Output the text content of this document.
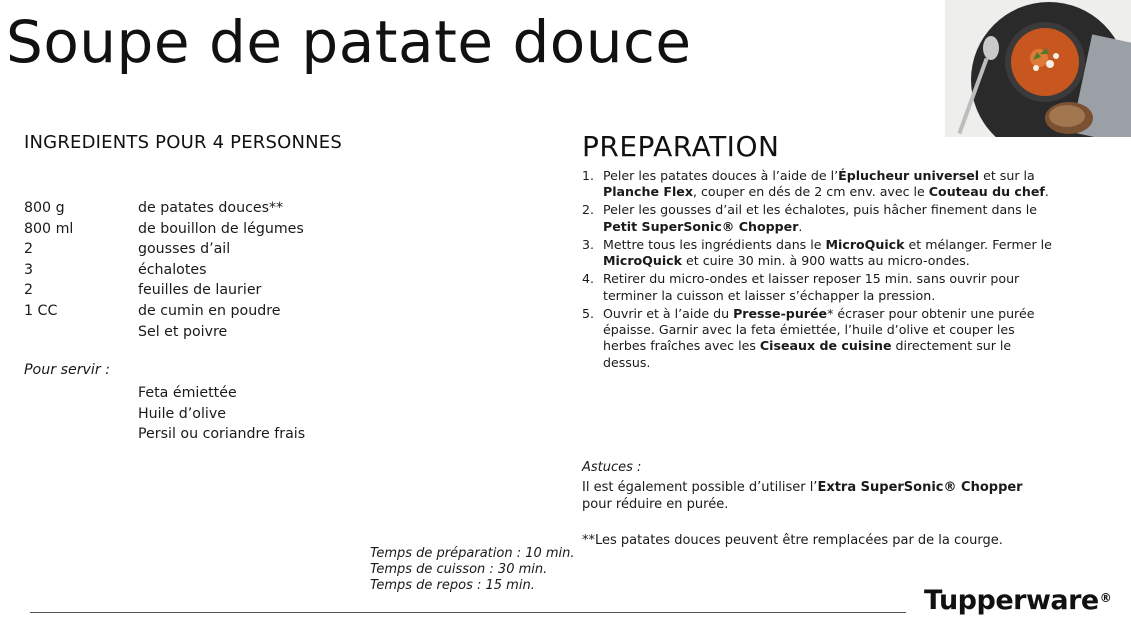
Soupe de patate douce
INGREDIENTS POUR 4 PERSONNES
800 g	de patates douces**
800 ml	de bouillon de légumes
2	gousses d’ail
3	échalotes
2	feuilles de laurier
1 CC	de cumin en poudre
Sel et poivre
Pour servir :
Feta émiettée
Huile d’olive
Persil ou coriandre frais
PREPARATION
1. Peler les patates douces à l’aide de l’Éplucheur universel et sur la Planche Flex, couper en dés de 2 cm env. avec le Couteau du chef.
2. Peler les gousses d’ail et les échalotes, puis hâcher finement dans le Petit SuperSonic® Chopper.
3. Mettre tous les ingrédients dans le MicroQuick et mélanger. Fermer le MicroQuick et cuire 30 min. à 900 watts au micro-ondes.
4. Retirer du micro-ondes et laisser reposer 15 min. sans ouvrir pour terminer la cuisson et laisser s’échapper la pression.
5. Ouvrir et à l’aide du Presse-purée* écraser pour obtenir une purée épaisse. Garnir avec la feta émiettée, l’huile d’olive et couper les herbes fraîches avec les Ciseaux de cuisine directement sur le dessus.
Astuces :
Il est également possible d’utiliser l’Extra SuperSonic® Chopper pour réduire en purée.
**Les patates douces peuvent être remplacées par de la courge.
Temps de préparation : 10 min.
Temps de cuisson : 30 min.
Temps de repos : 15 min.	Tupperware®
